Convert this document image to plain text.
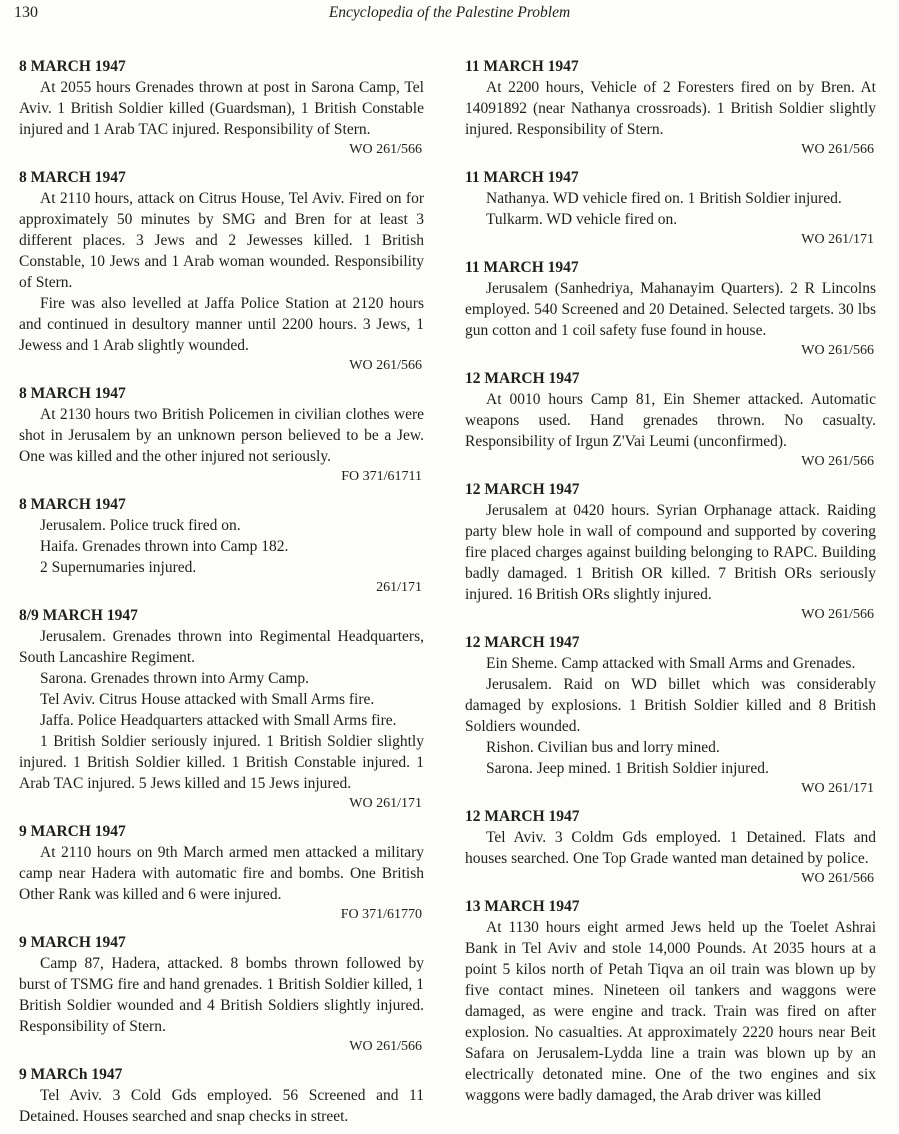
130	Encyclopedia of the Palestine Problem
8 MARCH 1947

At 2055 hours Grenades thrown at post in Sarona Camp, Tel Aviv. 1 British Soldier killed (Guardsman), 1 British Constable injured and 1 Arab TAC injured. Responsibility of Stern.

WO 261/566
8 MARCH 1947

At 2110 hours, attack on Citrus House, Tel Aviv. Fired on for approximately 50 minutes by SMG and Bren for at least 3 different places. 3 Jews and 2 Jewesses killed. 1 British Constable, 10 Jews and 1 Arab woman wounded. Responsibility of Stern.

Fire was also levelled at Jaffa Police Station at 2120 hours and continued in desultory manner until 2200 hours. 3 Jews, 1 Jewess and 1 Arab slightly wounded.

WO 261/566
8 MARCH 1947

At 2130 hours two British Policemen in civilian clothes were shot in Jerusalem by an unknown person believed to be a Jew. One was killed and the other injured not seriously.

FO 371/61711
8 MARCH 1947

Jerusalem. Police truck fired on.

Haifa. Grenades thrown into Camp 182.

2 Supernumaries injured.

261/171
8/9 MARCH 1947

Jerusalem. Grenades thrown into Regimental Headquarters, South Lancashire Regiment.

Sarona. Grenades thrown into Army Camp.

Tel Aviv. Citrus House attacked with Small Arms fire.

Jaffa. Police Headquarters attacked with Small Arms fire.

1 British Soldier seriously injured. 1 British Soldier slightly injured. 1 British Soldier killed. 1 British Constable injured. 1 Arab TAC injured. 5 Jews killed and 15 Jews injured.

WO 261/171
9 MARCH 1947

At 2110 hours on 9th March armed men attacked a military camp near Hadera with automatic fire and bombs. One British Other Rank was killed and 6 were injured.

FO 371/61770
9 MARCH 1947

Camp 87, Hadera, attacked. 8 bombs thrown followed by burst of TSMG fire and hand grenades. 1 British Soldier killed, 1 British Soldier wounded and 4 British Soldiers slightly injured. Responsibility of Stern.

WO 261/566
9 MARCh 1947

Tel Aviv. 3 Cold Gds employed. 56 Screened and 11 Detained. Houses searched and snap checks in street.

11 MARCH 1947

At 2200 hours, Vehicle of 2 Foresters fired on by Bren. At 14091892 (near Nathanya crossroads). 1 British Soldier slightly injured. Responsibility of Stern.

WO 261/566
11 MARCH 1947

Nathanya. WD vehicle fired on. 1 British Soldier injured.

Tulkarm. WD vehicle fired on.

WO 261/171
11 MARCH 1947

Jerusalem (Sanhedriya, Mahanayim Quarters). 2 R Lincolns employed. 540 Screened and 20 Detained. Selected targets. 30 lbs gun cotton and 1 coil safety fuse found in house.

WO 261/566
12 MARCH 1947

At 0010 hours Camp 81, Ein Shemer attacked. Automatic weapons used. Hand grenades thrown. No casualty. Responsibility of Irgun Z'Vai Leumi (unconfirmed).

WO 261/566
12 MARCH 1947

Jerusalem at 0420 hours. Syrian Orphanage attack. Raiding party blew hole in wall of compound and supported by covering fire placed charges against building belonging to RAPC. Building badly damaged. 1 British OR killed. 7 British ORs seriously injured. 16 British ORs slightly injured.

WO 261/566
12 MARCH 1947

Ein Sheme. Camp attacked with Small Arms and Grenades.

Jerusalem. Raid on WD billet which was considerably damaged by explosions. 1 British Soldier killed and 8 British Soldiers wounded.

Rishon. Civilian bus and lorry mined.

Sarona. Jeep mined. 1 British Soldier injured.

WO 261/171
12 MARCH 1947

Tel Aviv. 3 Coldm Gds employed. 1 Detained. Flats and houses searched. One Top Grade wanted man detained by police.

WO 261/566
13 MARCH 1947

At 1130 hours eight armed Jews held up the Toelet Ashrai Bank in Tel Aviv and stole 14,000 Pounds. At 2035 hours at a point 5 kilos north of Petah Tiqva an oil train was blown up by five contact mines. Nineteen oil tankers and waggons were damaged, as were engine and track. Train was fired on after explosion. No casualties. At approximately 2220 hours near Beit Safara on Jerusalem-Lydda line a train was blown up by an electrically detonated mine. One of the two engines and six waggons were badly damaged, the Arab driver was killed
